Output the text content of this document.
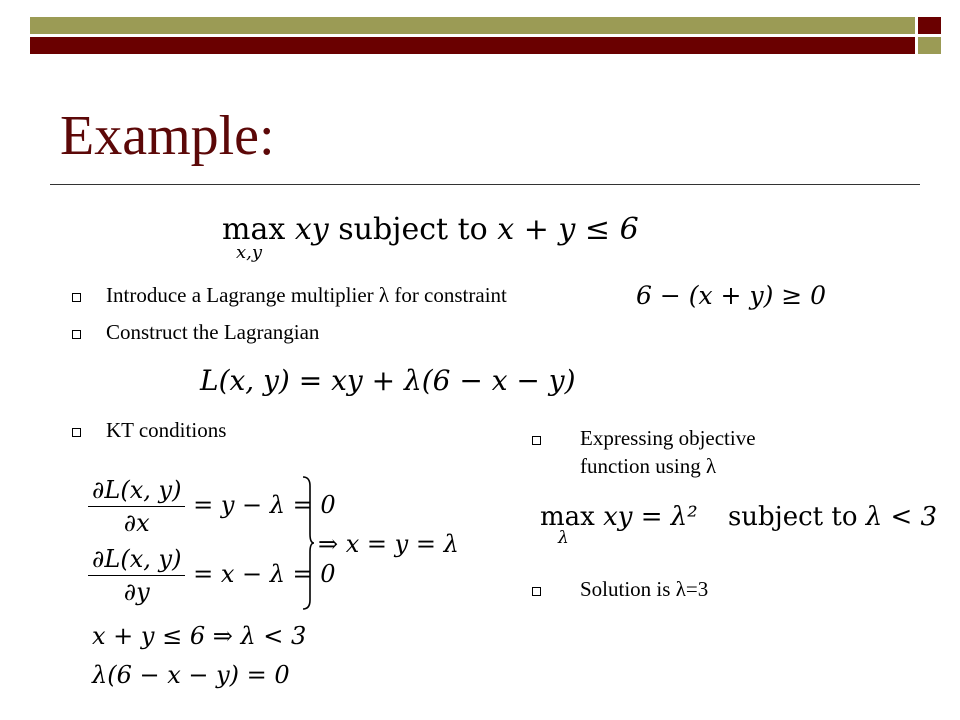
Example:
max
x,y
xy subject to x + y ≤ 6
Introduce a Lagrange multiplier λ for constraint	6 − (x + y) ≥ 0
Construct the Lagrangian
L(x, y) = xy + λ(6 − x − y)
KT conditions
$\frac{\partial L(x, y)}{\partial x} = y - \lambda = 0$
$\frac{\partial L(x, y)}{\partial y} = x - \lambda = 0$
⇒ x = y = λ
x + y ≤ 6 ⇒ λ < 3
λ(6 − x − y) = 0
Expressing objective function using λ
max
λ
xy = λ² subject to λ < 3
Solution is λ=3
